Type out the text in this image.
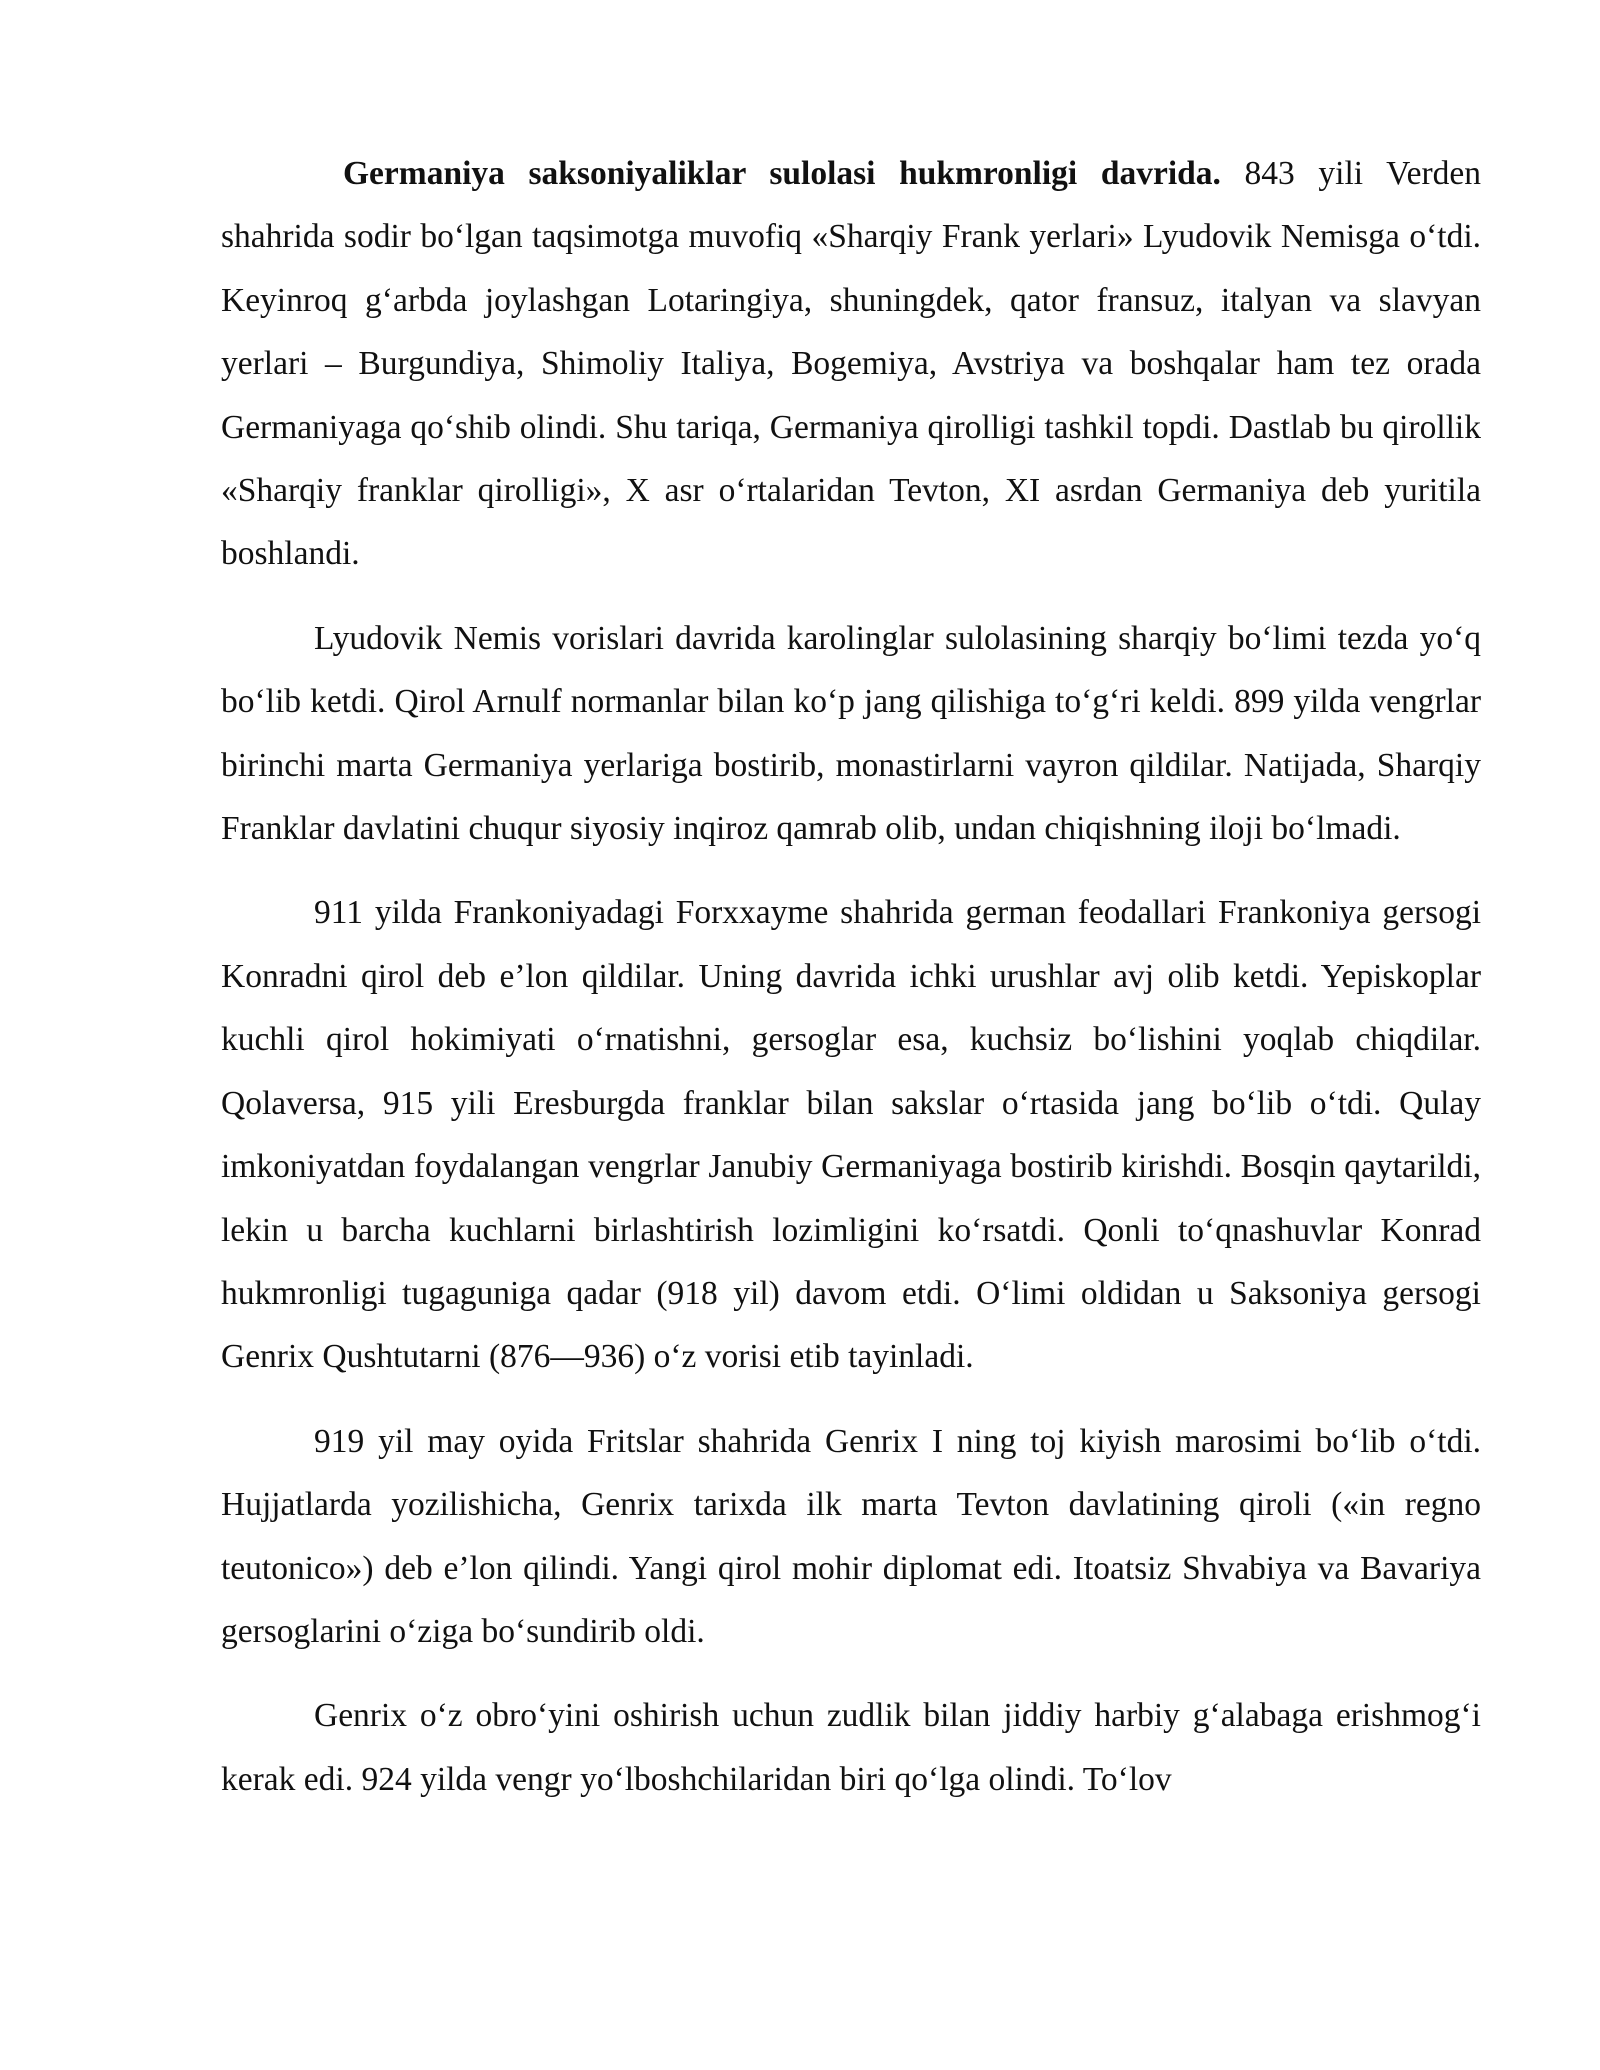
Germaniya saksoniyaliklar sulolasi hukmronligi davrida. 843 yili Verden shahrida sodir bo‘lgan taqsimotga muvofiq «Sharqiy Frank yerlari» Lyudovik Nemisga o‘tdi. Keyinroq g‘arbda joylashgan Lotaringiya, shuningdek, qator fransuz, italyan va slavyan yerlari – Burgundiya, Shimoliy Italiya, Bogemiya, Avstriya va boshqalar ham tez orada Germaniyaga qo‘shib olindi. Shu tariqa, Germaniya qirolligi tashkil topdi. Dastlab bu qirollik «Sharqiy franklar qirolligi», X asr o‘rtalaridan Tevton, XI asrdan Germaniya deb yuritila boshlandi.

Lyudovik Nemis vorislari davrida karolinglar sulolasining sharqiy bo‘limi tezda yo‘q bo‘lib ketdi. Qirol Arnulf normanlar bilan ko‘p jang qilishiga to‘g‘ri keldi. 899 yilda vengrlar birinchi marta Germaniya yerlariga bostirib, monastirlarni vayron qildilar. Natijada, Sharqiy Franklar davlatini chuqur siyosiy inqiroz qamrab olib, undan chiqishning iloji bo‘lmadi.

911 yilda Frankoniyadagi Forxxayme shahrida german feodallari Frankoniya gersogi Konradni qirol deb e’lon qildilar. Uning davrida ichki urushlar avj olib ketdi. Yepiskoplar kuchli qirol hokimiyati o‘rnatishni, gersoglar esa, kuchsiz bo‘lishini yoqlab chiqdilar. Qolaversa, 915 yili Eresburgda franklar bilan sakslar o‘rtasida jang bo‘lib o‘tdi. Qulay imkoniyatdan foydalangan vengrlar Janubiy Germaniyaga bostirib kirishdi. Bosqin qaytarildi, lekin u barcha kuchlarni birlashtirish lozimligini ko‘rsatdi. Qonli to‘qnashuvlar Konrad hukmronligi tugaguniga qadar (918 yil) davom etdi. O‘limi oldidan u Saksoniya gersogi Genrix Qushtutarni (876—936) o‘z vorisi etib tayinladi.

919 yil may oyida Fritslar shahrida Genrix I ning toj kiyish marosimi bo‘lib o‘tdi. Hujjatlarda yozilishicha, Genrix tarixda ilk marta Tevton davlatining qiroli («in regno teutonico») deb e’lon qilindi. Yangi qirol mohir diplomat edi. Itoatsiz Shvabiya va Bavariya gersoglarini o‘ziga bo‘sundirib oldi.

Genrix o‘z obro‘yini oshirish uchun zudlik bilan jiddiy harbiy g‘alabaga erishmog‘i kerak edi. 924 yilda vengr yo‘lboshchilaridan biri qo‘lga olindi. To‘lov
